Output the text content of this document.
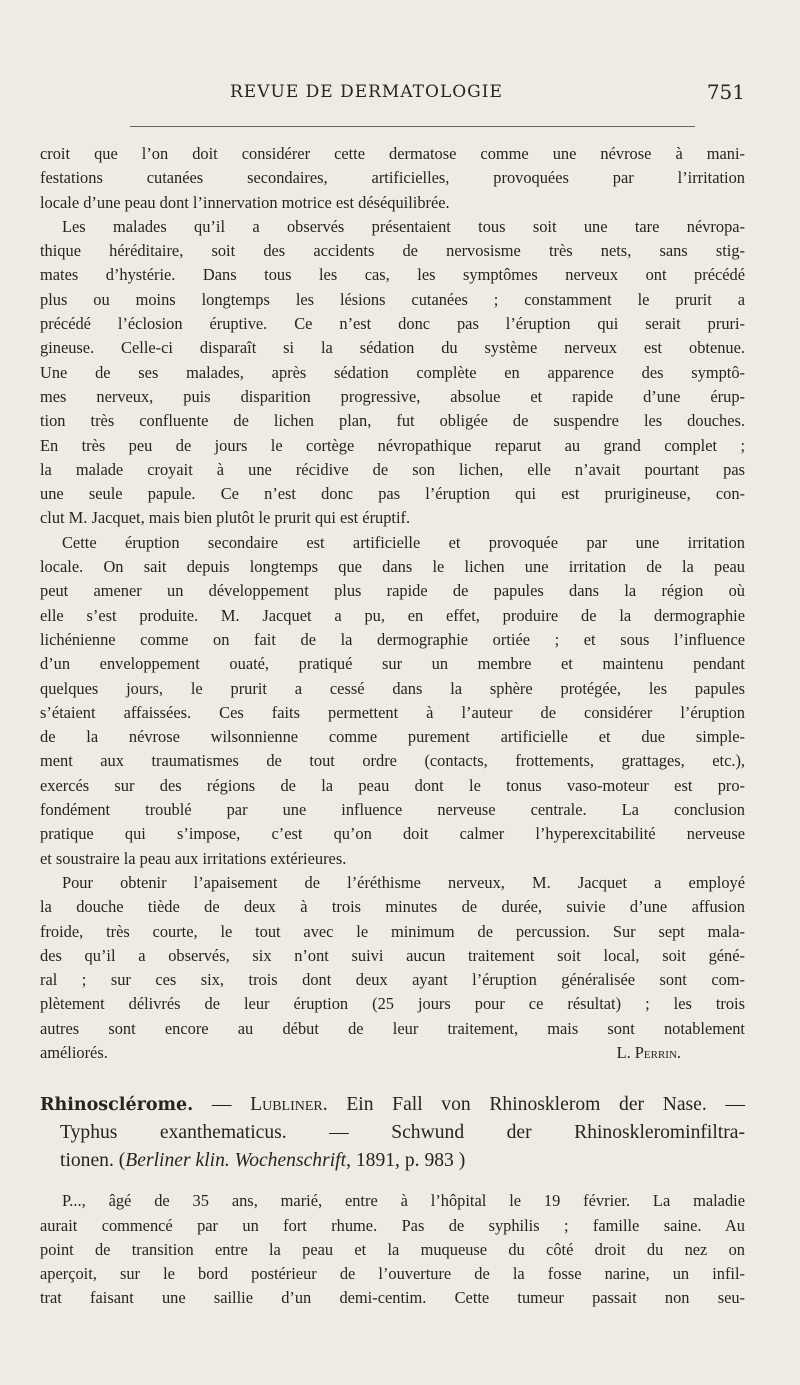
REVUE DE DERMATOLOGIE	751

croit que l’on doit considérer cette dermatose comme une névrose à mani-

festations cutanées secondaires, artificielles, provoquées par l’irritation

locale d’une peau dont l’innervation motrice est déséquilibrée.

Les malades qu’il a observés présentaient tous soit une tare névropa-

thique héréditaire, soit des accidents de nervosisme très nets, sans stig-

mates d’hystérie. Dans tous les cas, les symptômes nerveux ont précédé

plus ou moins longtemps les lésions cutanées ; constamment le prurit a

précédé l’éclosion éruptive. Ce n’est donc pas l’éruption qui serait pruri-

gineuse. Celle-ci disparaît si la sédation du système nerveux est obtenue.

Une de ses malades, après sédation complète en apparence des symptô-

mes nerveux, puis disparition progressive, absolue et rapide d’une érup-

tion très confluente de lichen plan, fut obligée de suspendre les douches.

En très peu de jours le cortège névropathique reparut au grand complet ;

la malade croyait à une récidive de son lichen, elle n’avait pourtant pas

une seule papule. Ce n’est donc pas l’éruption qui est prurigineuse, con-

clut M. Jacquet, mais bien plutôt le prurit qui est éruptif.

Cette éruption secondaire est artificielle et provoquée par une irritation

locale. On sait depuis longtemps que dans le lichen une irritation de la peau

peut amener un développement plus rapide de papules dans la région où

elle s’est produite. M. Jacquet a pu, en effet, produire de la dermographie

lichénienne comme on fait de la dermographie ortiée ; et sous l’influence

d’un enveloppement ouaté, pratiqué sur un membre et maintenu pendant

quelques jours, le prurit a cessé dans la sphère protégée, les papules

s’étaient affaissées. Ces faits permettent à l’auteur de considérer l’éruption

de la névrose wilsonnienne comme purement artificielle et due simple-

ment aux traumatismes de tout ordre (contacts, frottements, grattages, etc.),

exercés sur des régions de la peau dont le tonus vaso-moteur est pro-

fondément troublé par une influence nerveuse centrale. La conclusion

pratique qui s’impose, c’est qu’on doit calmer l’hyperexcitabilité nerveuse

et soustraire la peau aux irritations extérieures.

Pour obtenir l’apaisement de l’éréthisme nerveux, M. Jacquet a employé

la douche tiède de deux à trois minutes de durée, suivie d’une affusion

froide, très courte, le tout avec le minimum de percussion. Sur sept mala-

des qu’il a observés, six n’ont suivi aucun traitement soit local, soit géné-

ral ; sur ces six, trois dont deux ayant l’éruption généralisée sont com-

plètement délivrés de leur éruption (25 jours pour ce résultat) ; les trois

autres sont encore au début de leur traitement, mais sont notablement

améliorés.	L. Perrin.

Rhinosclérome. — Lubliner. Ein Fall von Rhinosklerom der Nase. —

Typhus exanthematicus. — Schwund der Rhinosklerominfiltra-

tionen. (Berliner klin. Wochenschrift, 1891, p. 983 )

P..., âgé de 35 ans, marié, entre à l’hôpital le 19 février. La maladie

aurait commencé par un fort rhume. Pas de syphilis ; famille saine. Au

point de transition entre la peau et la muqueuse du côté droit du nez on

aperçoit, sur le bord postérieur de l’ouverture de la fosse narine, un infil-

trat faisant une saillie d’un demi-centim. Cette tumeur passait non seu-
